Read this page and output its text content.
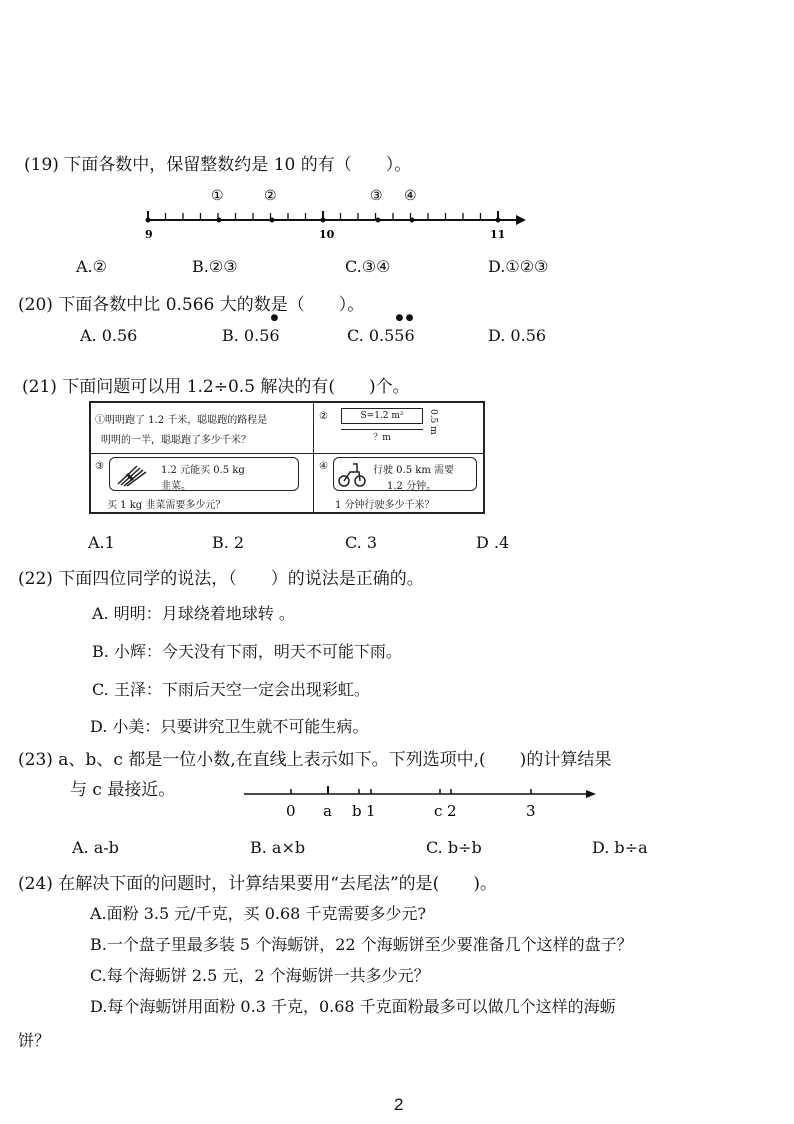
(19) 下面各数中，保留整数约是 10 的有（　　）。
①	②	③ ④
9	10	11
A.②	B.②③	C.③④	D.①②③
(20) 下面各数中比 0.566 大的数是（　　）。
A. 0.56	B. 0.5● 6	C. 0.5● 5● 6	D. 0.56
(21) 下面问题可以用 1.2÷0.5 解决的有(　　)个。
①明明跑了 1.2 千米，聪聪跑的路程是
明明的一半，聪聪跑了多少千米？
②	S=1.2 m²	0.5 m
？m
③	1.2 元能买 0.5 kg
韭菜。
买 1 kg 韭菜需要多少元？
④	行驶 0.5 km 需要
1.2 分钟。
1 分钟行驶多少千米？
A.1	B. 2	C. 3	D .4
(22) 下面四位同学的说法，（　　）的说法是正确的。
A. 明明：月球绕着地球转 。
B. 小辉：今天没有下雨，明天不可能下雨。
C. 王泽：下雨后天空一定会出现彩虹。
D. 小美：只要讲究卫生就不可能生病。
(23) a、b、c 都是一位小数,在直线上表示如下。下列选项中,(　　)的计算结果
与 c 最接近。
0 a b 1	c 2	3
A. a-b	B. a×b	C. b÷b	D. b÷a
(24) 在解决下面的问题时，计算结果要用“去尾法”的是(　　)。
A.面粉 3.5 元/千克，买 0.68 千克需要多少元?
B.一个盘子里最多装 5 个海蛎饼，22 个海蛎饼至少要准备几个这样的盘子？
C.每个海蛎饼 2.5 元，2 个海蛎饼一共多少元？
D.每个海蛎饼用面粉 0.3 千克，0.68 千克面粉最多可以做几个这样的海蛎
饼？
2
